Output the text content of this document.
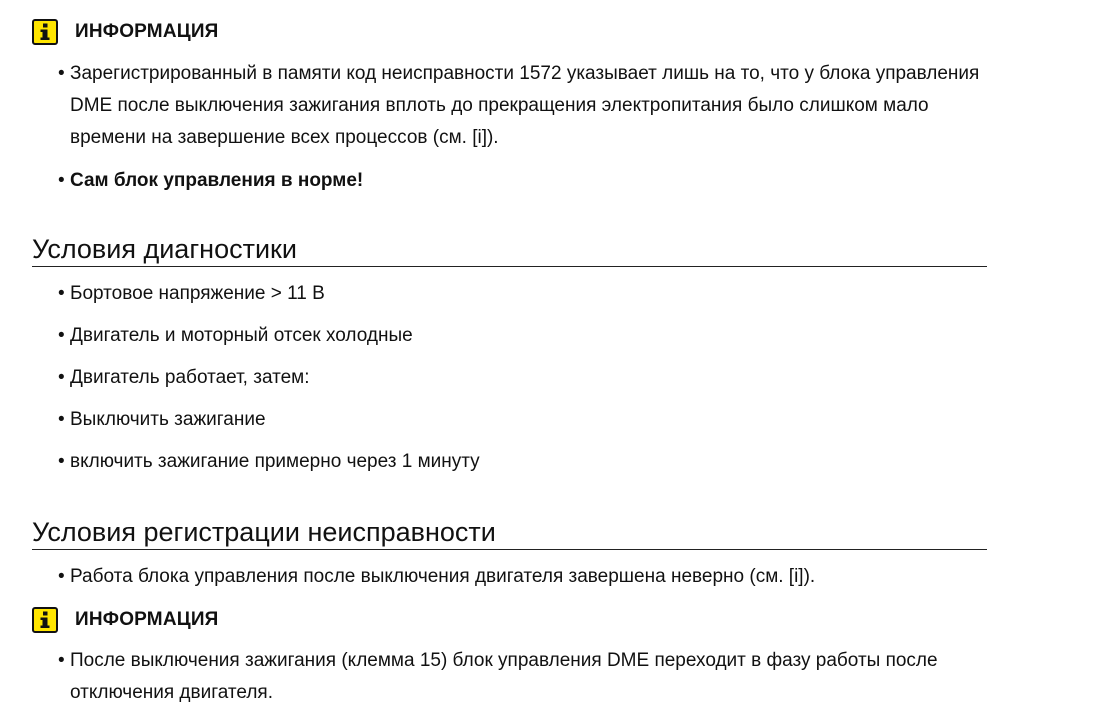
ИНФОРМАЦИЯ
• Зарегистрированный в памяти код неисправности 1572 указывает лишь на то, что у блока управления DME после выключения зажигания вплоть до прекращения электропитания было слишком мало времени на завершение всех процессов (см. [i]).
• Сам блок управления в норме!
Условия диагностики
• Бортовое напряжение > 11 В
• Двигатель и моторный отсек холодные
• Двигатель работает, затем:
• Выключить зажигание
• включить зажигание примерно через 1 минуту
Условия регистрации неисправности
• Работа блока управления после выключения двигателя завершена неверно (см. [i]).
ИНФОРМАЦИЯ
• После выключения зажигания (клемма 15) блок управления DME переходит в фазу работы после отключения двигателя.
